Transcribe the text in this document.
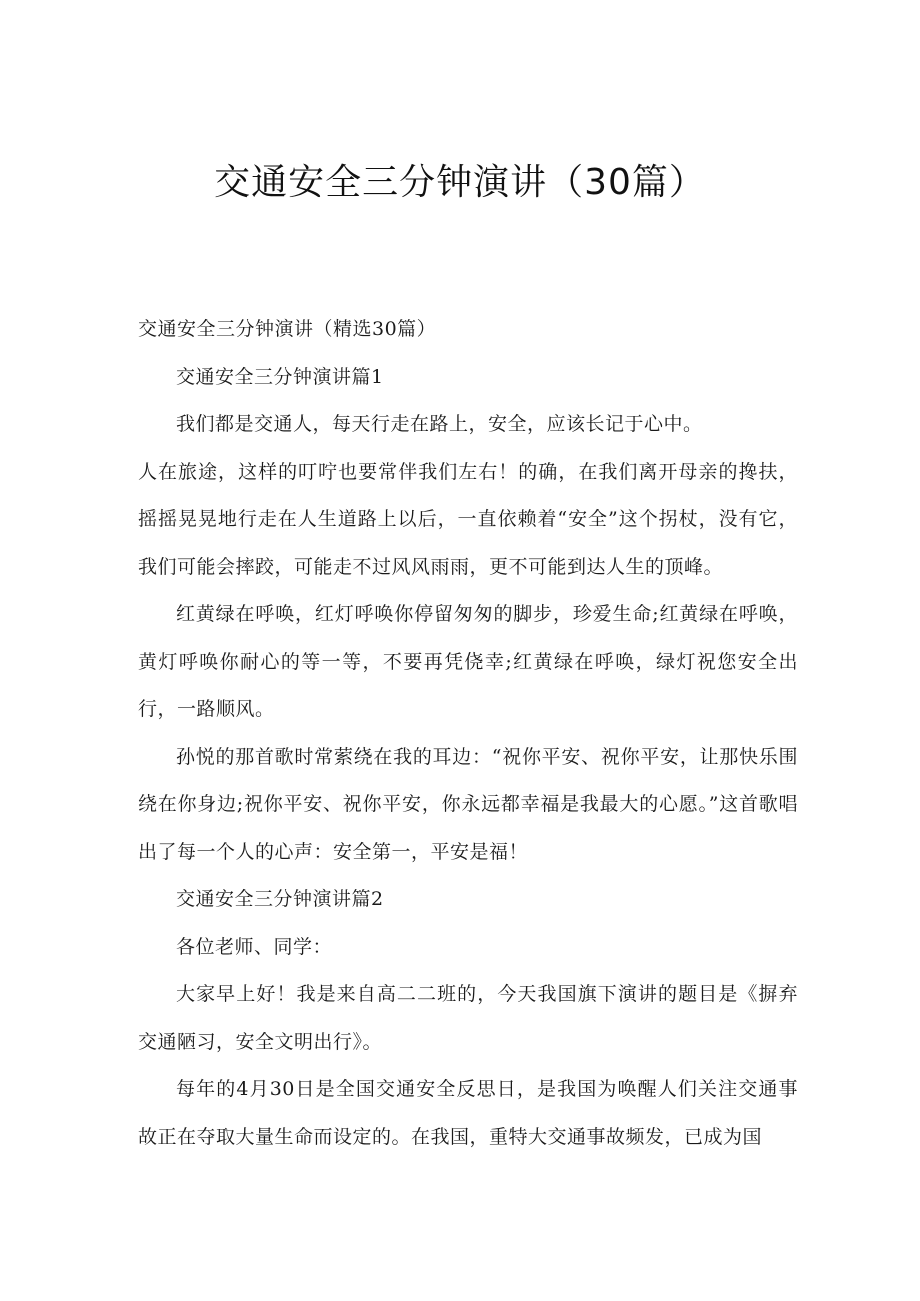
交通安全三分钟演讲（30篇）

交通安全三分钟演讲（精选30篇）

交通安全三分钟演讲篇1

我们都是交通人，每天行走在路上，安全，应该长记于心中。

人在旅途，这样的叮咛也要常伴我们左右！的确，在我们离开母亲的搀扶，摇摇晃晃地行走在人生道路上以后，一直依赖着“安全”这个拐杖，没有它，我们可能会摔跤，可能走不过风风雨雨，更不可能到达人生的顶峰。

红黄绿在呼唤，红灯呼唤你停留匆匆的脚步，珍爱生命;红黄绿在呼唤，黄灯呼唤你耐心的等一等，不要再凭侥幸;红黄绿在呼唤，绿灯祝您安全出行，一路顺风。

孙悦的那首歌时常萦绕在我的耳边：“祝你平安、祝你平安，让那快乐围绕在你身边;祝你平安、祝你平安，你永远都幸福是我最大的心愿。”这首歌唱出了每一个人的心声：安全第一，平安是福！

交通安全三分钟演讲篇2

各位老师、同学：

大家早上好！我是来自高二二班的，今天我国旗下演讲的题目是《摒弃交通陋习，安全文明出行》。

每年的4月30日是全国交通安全反思日，是我国为唤醒人们关注交通事故正在夺取大量生命而设定的。在我国，重特大交通事故频发，已成为国
